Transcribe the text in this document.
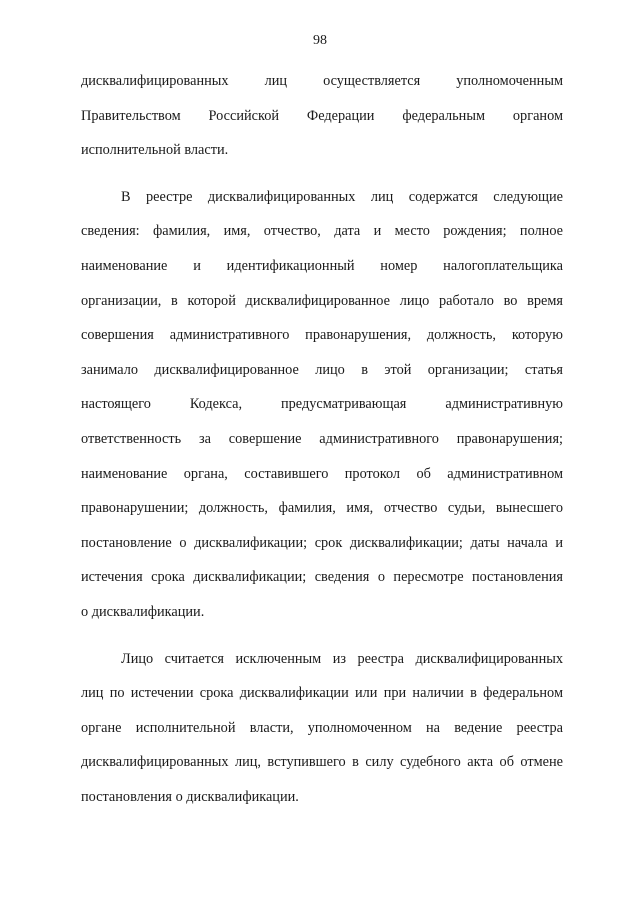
98
дисквалифицированных лиц осуществляется уполномоченным
Правительством Российской Федерации федеральным органом
исполнительной власти.
В реестре дисквалифицированных лиц содержатся следующие
сведения: фамилия, имя, отчество, дата и место рождения; полное
наименование и идентификационный номер налогоплательщика
организации, в которой дисквалифицированное лицо работало во время
совершения административного правонарушения, должность, которую
занимало дисквалифицированное лицо в этой организации; статья
настоящего Кодекса, предусматривающая административную
ответственность за совершение административного правонарушения;
наименование органа, составившего протокол об административном
правонарушении; должность, фамилия, имя, отчество судьи, вынесшего
постановление о дисквалификации; срок дисквалификации; даты начала и
истечения срока дисквалификации; сведения о пересмотре постановления
о дисквалификации.
Лицо считается исключенным из реестра дисквалифицированных
лиц по истечении срока дисквалификации или при наличии в федеральном
органе исполнительной власти, уполномоченном на ведение реестра
дисквалифицированных лиц, вступившего в силу судебного акта об отмене
постановления о дисквалификации.
